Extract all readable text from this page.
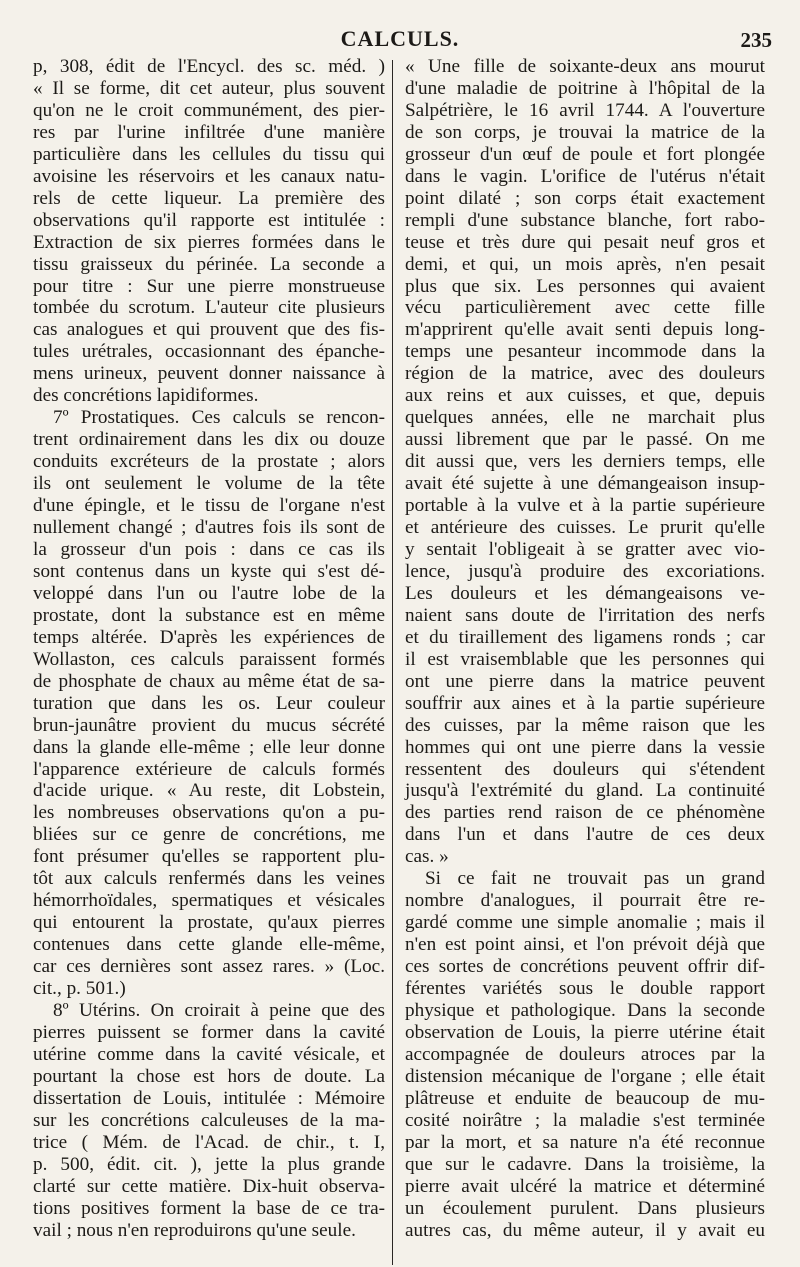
CALCULS.	235
p, 308, édit de l'Encycl. des sc. méd. )
« Il se forme, dit cet auteur, plus souvent
qu'on ne le croit communément, des pier-
res par l'urine infiltrée d'une manière
particulière dans les cellules du tissu qui
avoisine les réservoirs et les canaux natu-
rels de cette liqueur. La première des
observations qu'il rapporte est intitulée :
Extraction de six pierres formées dans le
tissu graisseux du périnée. La seconde a
pour titre : Sur une pierre monstrueuse
tombée du scrotum. L'auteur cite plusieurs
cas analogues et qui prouvent que des fis-
tules urétrales, occasionnant des épanche-
mens urineux, peuvent donner naissance à
des concrétions lapidiformes.
7º Prostatiques. Ces calculs se rencon-
trent ordinairement dans les dix ou douze
conduits excréteurs de la prostate ; alors
ils ont seulement le volume de la tête
d'une épingle, et le tissu de l'organe n'est
nullement changé ; d'autres fois ils sont de
la grosseur d'un pois : dans ce cas ils
sont contenus dans un kyste qui s'est dé-
veloppé dans l'un ou l'autre lobe de la
prostate, dont la substance est en même
temps altérée. D'après les expériences de
Wollaston, ces calculs paraissent formés
de phosphate de chaux au même état de sa-
turation que dans les os. Leur couleur
brun-jaunâtre provient du mucus sécrété
dans la glande elle-même ; elle leur donne
l'apparence extérieure de calculs formés
d'acide urique. « Au reste, dit Lobstein,
les nombreuses observations qu'on a pu-
bliées sur ce genre de concrétions, me
font présumer qu'elles se rapportent plu-
tôt aux calculs renfermés dans les veines
hémorrhoïdales, spermatiques et vésicales
qui entourent la prostate, qu'aux pierres
contenues dans cette glande elle-même,
car ces dernières sont assez rares. » (Loc.
cit., p. 501.)
8º Utérins. On croirait à peine que des
pierres puissent se former dans la cavité
utérine comme dans la cavité vésicale, et
pourtant la chose est hors de doute. La
dissertation de Louis, intitulée : Mémoire
sur les concrétions calculeuses de la ma-
trice ( Mém. de l'Acad. de chir., t. I,
p. 500, édit. cit. ), jette la plus grande
clarté sur cette matière. Dix-huit observa-
tions positives forment la base de ce tra-
vail ; nous n'en reproduirons qu'une seule.
« Une fille de soixante-deux ans mourut
d'une maladie de poitrine à l'hôpital de la
Salpétrière, le 16 avril 1744. A l'ouverture
de son corps, je trouvai la matrice de la
grosseur d'un œuf de poule et fort plongée
dans le vagin. L'orifice de l'utérus n'était
point dilaté ; son corps était exactement
rempli d'une substance blanche, fort rabo-
teuse et très dure qui pesait neuf gros et
demi, et qui, un mois après, n'en pesait
plus que six. Les personnes qui avaient
vécu particulièrement avec cette fille
m'apprirent qu'elle avait senti depuis long-
temps une pesanteur incommode dans la
région de la matrice, avec des douleurs
aux reins et aux cuisses, et que, depuis
quelques années, elle ne marchait plus
aussi librement que par le passé. On me
dit aussi que, vers les derniers temps, elle
avait été sujette à une démangeaison insup-
portable à la vulve et à la partie supérieure
et antérieure des cuisses. Le prurit qu'elle
y sentait l'obligeait à se gratter avec vio-
lence, jusqu'à produire des excoriations.
Les douleurs et les démangeaisons ve-
naient sans doute de l'irritation des nerfs
et du tiraillement des ligamens ronds ; car
il est vraisemblable que les personnes qui
ont une pierre dans la matrice peuvent
souffrir aux aines et à la partie supérieure
des cuisses, par la même raison que les
hommes qui ont une pierre dans la vessie
ressentent des douleurs qui s'étendent
jusqu'à l'extrémité du gland. La continuité
des parties rend raison de ce phénomène
dans l'un et dans l'autre de ces deux
cas. »
Si ce fait ne trouvait pas un grand
nombre d'analogues, il pourrait être re-
gardé comme une simple anomalie ; mais il
n'en est point ainsi, et l'on prévoit déjà que
ces sortes de concrétions peuvent offrir dif-
férentes variétés sous le double rapport
physique et pathologique. Dans la seconde
observation de Louis, la pierre utérine était
accompagnée de douleurs atroces par la
distension mécanique de l'organe ; elle était
plâtreuse et enduite de beaucoup de mu-
cosité noirâtre ; la maladie s'est terminée
par la mort, et sa nature n'a été reconnue
que sur le cadavre. Dans la troisième, la
pierre avait ulcéré la matrice et déterminé
un écoulement purulent. Dans plusieurs
autres cas, du même auteur, il y avait eu
